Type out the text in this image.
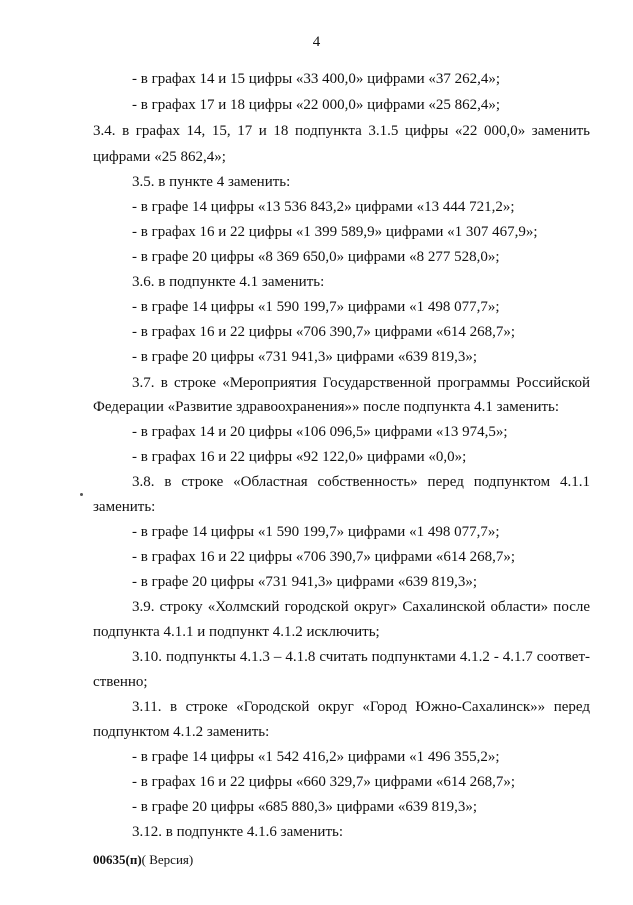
4
- в графах 14 и 15 цифры «33 400,0» цифрами «37 262,4»;
- в графах 17 и 18 цифры «22 000,0» цифрами «25 862,4»;
3.4. в графах 14, 15, 17 и 18 подпункта 3.1.5 цифры «22 000,0» заменить
цифрами «25 862,4»;
3.5. в пункте 4 заменить:
- в графе 14 цифры «13 536 843,2» цифрами «13 444 721,2»;
- в графах 16 и 22 цифры «1 399 589,9» цифрами «1 307 467,9»;
- в графе 20 цифры «8 369 650,0» цифрами «8 277 528,0»;
3.6. в подпункте 4.1 заменить:
- в графе 14 цифры «1 590 199,7» цифрами «1 498 077,7»;
- в графах 16 и 22 цифры «706 390,7» цифрами «614 268,7»;
- в графе 20 цифры «731 941,3» цифрами «639 819,3»;
3.7. в строке «Мероприятия Государственной программы Российской
Федерации «Развитие здравоохранения»» после подпункта 4.1 заменить:
- в графах 14 и 20 цифры «106 096,5» цифрами «13 974,5»;
- в графах 16 и 22 цифры «92 122,0» цифрами «0,0»;
3.8. в строке «Областная собственность» перед подпунктом 4.1.1
заменить:
- в графе 14 цифры «1 590 199,7» цифрами «1 498 077,7»;
- в графах 16 и 22 цифры «706 390,7» цифрами «614 268,7»;
- в графе 20 цифры «731 941,3» цифрами «639 819,3»;
3.9. строку «Холмский городской округ» Сахалинской области» после
подпункта 4.1.1 и подпункт 4.1.2 исключить;
3.10. подпункты 4.1.3 – 4.1.8 считать подпунктами 4.1.2 - 4.1.7 соответ-
ственно;
3.11. в строке «Городской округ «Город Южно-Сахалинск»» перед
подпунктом 4.1.2 заменить:
- в графе 14 цифры «1 542 416,2» цифрами «1 496 355,2»;
- в графах 16 и 22 цифры «660 329,7» цифрами «614 268,7»;
- в графе 20 цифры «685 880,3» цифрами «639 819,3»;
3.12. в подпункте 4.1.6 заменить:
00635(п)( Версия)
